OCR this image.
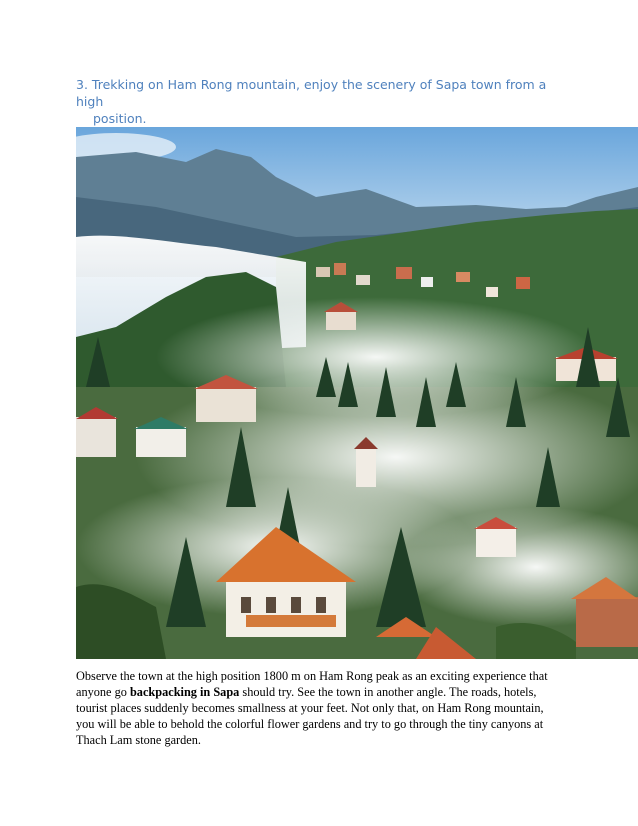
3. Trekking on Ham Rong mountain, enjoy the scenery of Sapa town from a high
position.

Observe the town at the high position 1800 m on Ham Rong peak as an exciting experience that anyone go backpacking in Sapa should try. See the town in another angle. The roads, hotels, tourist places suddenly becomes smallness at your feet. Not only that, on Ham Rong mountain, you will be able to behold the colorful flower gardens and try to go through the tiny canyons at Thach Lam stone garden.
